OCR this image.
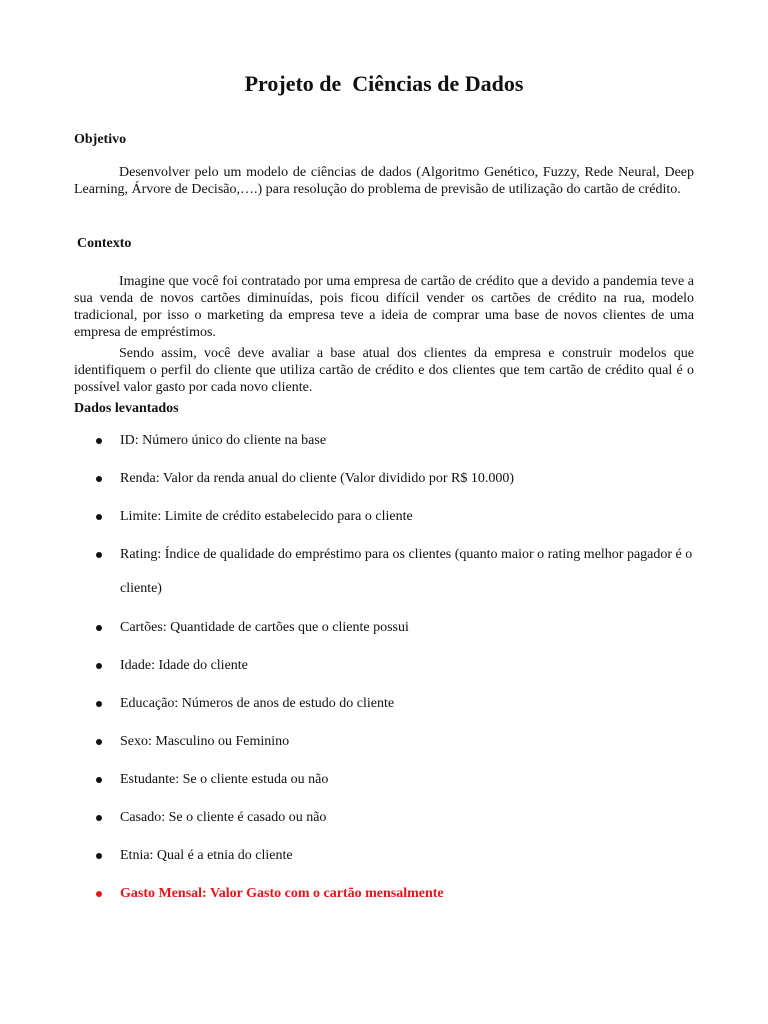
Projeto de  Ciências de Dados
Objetivo

Desenvolver pelo um modelo de ciências de dados (Algoritmo Genético, Fuzzy, Rede Neural, Deep Learning, Árvore de Decisão,….) para resolução do problema de previsão de utilização do cartão de crédito.

Contexto

Imagine que você foi contratado por uma empresa de cartão de crédito que a devido a pandemia teve a sua venda de novos cartões diminuídas, pois ficou difícil vender os cartões de crédito na rua, modelo tradicional, por isso o marketing da empresa teve a ideia de comprar uma base de novos clientes de uma empresa de empréstimos.

Sendo assim, você deve avaliar a base atual dos clientes da empresa e construir modelos que identifiquem o perfil do cliente que utiliza cartão de crédito e dos clientes que tem cartão de crédito qual é o possível valor gasto por cada novo cliente.

Dados levantados
ID: Número único do cliente na base
Renda: Valor da renda anual do cliente (Valor dividido por R$ 10.000)
Limite: Limite de crédito estabelecido para o cliente
Rating: Índice de qualidade do empréstimo para os clientes (quanto maior o rating melhor pagador é o cliente)
Cartões: Quantidade de cartões que o cliente possui
Idade: Idade do cliente
Educação: Números de anos de estudo do cliente
Sexo: Masculino ou Feminino
Estudante: Se o cliente estuda ou não
Casado: Se o cliente é casado ou não
Etnia: Qual é a etnia do cliente
Gasto Mensal: Valor Gasto com o cartão mensalmente
